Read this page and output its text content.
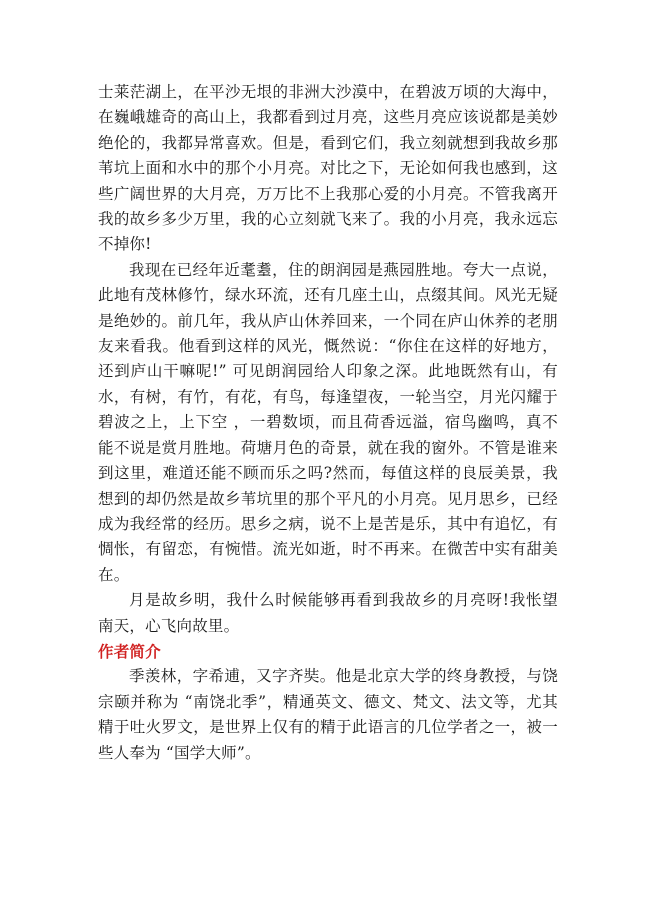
士莱茫湖上，在平沙无垠的非洲大沙漠中，在碧波万顷的大海中，在巍峨雄奇的高山上，我都看到过月亮，这些月亮应该说都是美妙绝伦的，我都异常喜欢。但是，看到它们，我立刻就想到我故乡那苇坑上面和水中的那个小月亮。对比之下，无论如何我也感到，这些广阔世界的大月亮，万万比不上我那心爱的小月亮。不管我离开我的故乡多少万里，我的心立刻就飞来了。我的小月亮，我永远忘不掉你!

我现在已经年近耄耋，住的朗润园是燕园胜地。夸大一点说，此地有茂林修竹，绿水环流，还有几座土山，点缀其间。风光无疑是绝妙的。前几年，我从庐山休养回来，一个同在庐山休养的老朋友来看我。他看到这样的风光，慨然说：“你住在这样的好地方，还到庐山干嘛呢!” 可见朗润园给人印象之深。此地既然有山，有水，有树，有竹，有花，有鸟，每逢望夜，一轮当空，月光闪耀于碧波之上，上下空 ，一碧数顷，而且荷香远溢，宿鸟幽鸣，真不能不说是赏月胜地。荷塘月色的奇景，就在我的窗外。不管是谁来到这里，难道还能不顾而乐之吗?然而，每值这样的良辰美景，我想到的却仍然是故乡苇坑里的那个平凡的小月亮。见月思乡，已经成为我经常的经历。思乡之病，说不上是苦是乐，其中有追忆，有惆怅，有留恋，有惋惜。流光如逝，时不再来。在微苦中实有甜美在。

月是故乡明，我什么时候能够再看到我故乡的月亮呀!我怅望南天，心飞向故里。

作者简介

季羡林，字希逋，又字齐奘。他是北京大学的终身教授，与饶宗颐并称为 “南饶北季”，精通英文、德文、梵文、法文等，尤其精于吐火罗文，是世界上仅有的精于此语言的几位学者之一，被一些人奉为 “国学大师”。
